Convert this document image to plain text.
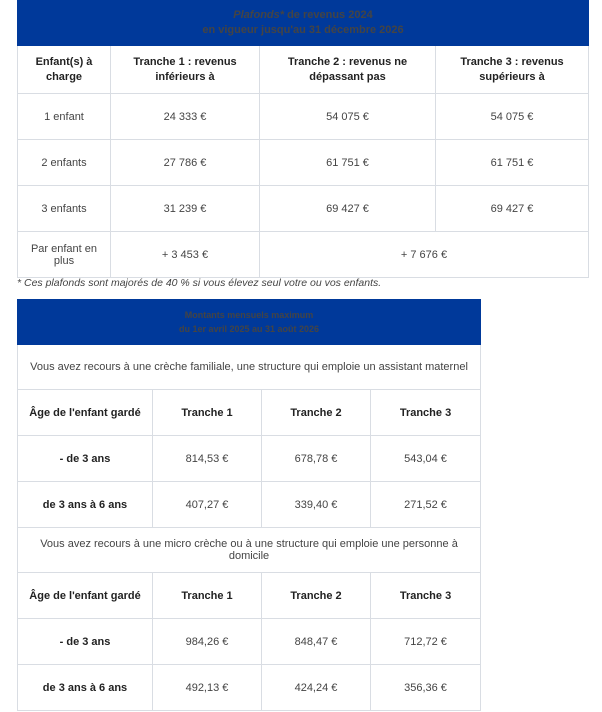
Plafonds* de revenus 2024
en vigueur jusqu'au 31 décembre 2026			
Enfant(s) à charge	Tranche 1 : revenus inférieurs à	Tranche 2 : revenus ne dépassant pas	Tranche 3 : revenus supérieurs à
1 enfant	24 333 €	54 075 €	54 075 €
2 enfants	27 786 €	61 751 €	61 751 €
3 enfants	31 239 €	69 427 €	69 427 €
Par enfant en plus	+ 3 453 €	+ 7 676 €	
* Ces plafonds sont majorés de 40 % si vous élevez seul votre ou vos enfants.
Montants mensuels maximum
du 1er avril 2025 au 31 août 2026			
Vous avez recours à une crèche familiale, une structure qui emploie un assistant maternel			
Âge de l'enfant gardé	Tranche 1	Tranche 2	Tranche 3
- de 3 ans	814,53 €	678,78 €	543,04 €
de 3 ans à 6 ans	407,27 €	339,40 €	271,52 €
Vous avez recours à une micro crèche ou à une structure qui emploie une personne à domicile			
Âge de l'enfant gardé	Tranche 1	Tranche 2	Tranche 3
- de 3 ans	984,26 €	848,47 €	712,72 €
de 3 ans à 6 ans	492,13 €	424,24 €	356,36 €
